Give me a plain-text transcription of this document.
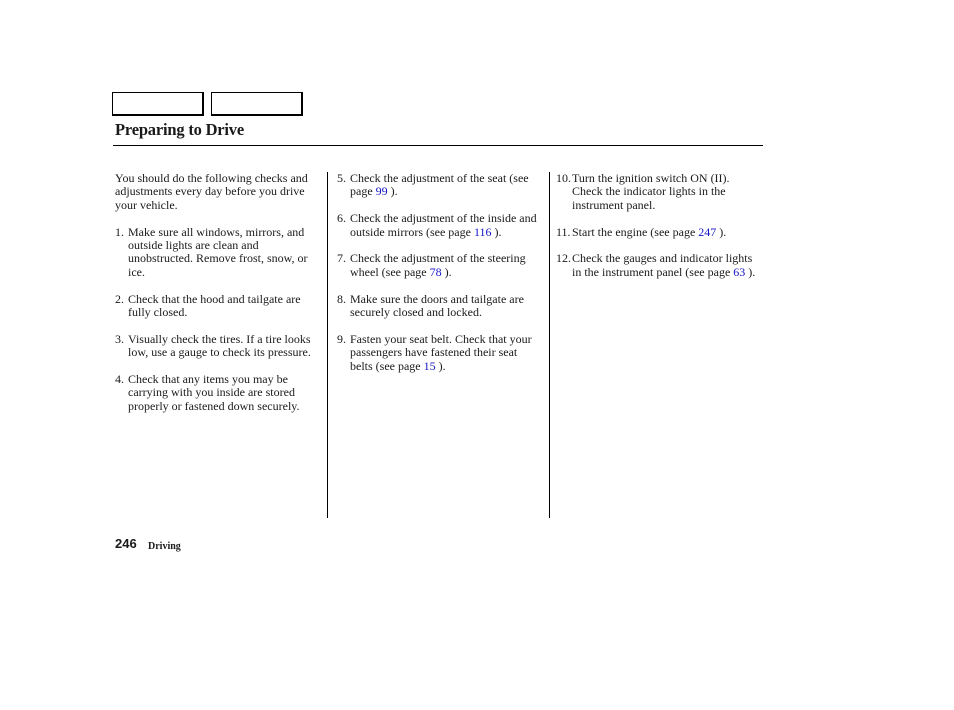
Preparing to Drive

You should do the following checks and adjustments every day before you drive your vehicle.

1. Make sure all windows, mirrors, and outside lights are clean and unobstructed. Remove frost, snow, or ice.
2. Check that the hood and tailgate are fully closed.
3. Visually check the tires. If a tire looks low, use a gauge to check its pressure.
4. Check that any items you may be carrying with you inside are stored properly or fastened down securely.
5. Check the adjustment of the seat (see page 99 ).
6. Check the adjustment of the inside and outside mirrors (see page 116 ).
7. Check the adjustment of the steering wheel (see page 78 ).
8. Make sure the doors and tailgate are securely closed and locked.
9. Fasten your seat belt. Check that your passengers have fastened their seat belts (see page 15 ).
10. Turn the ignition switch ON (II). Check the indicator lights in the instrument panel.
11. Start the engine (see page 247 ).
12. Check the gauges and indicator lights in the instrument panel (see page 63 ).
246 Driving
